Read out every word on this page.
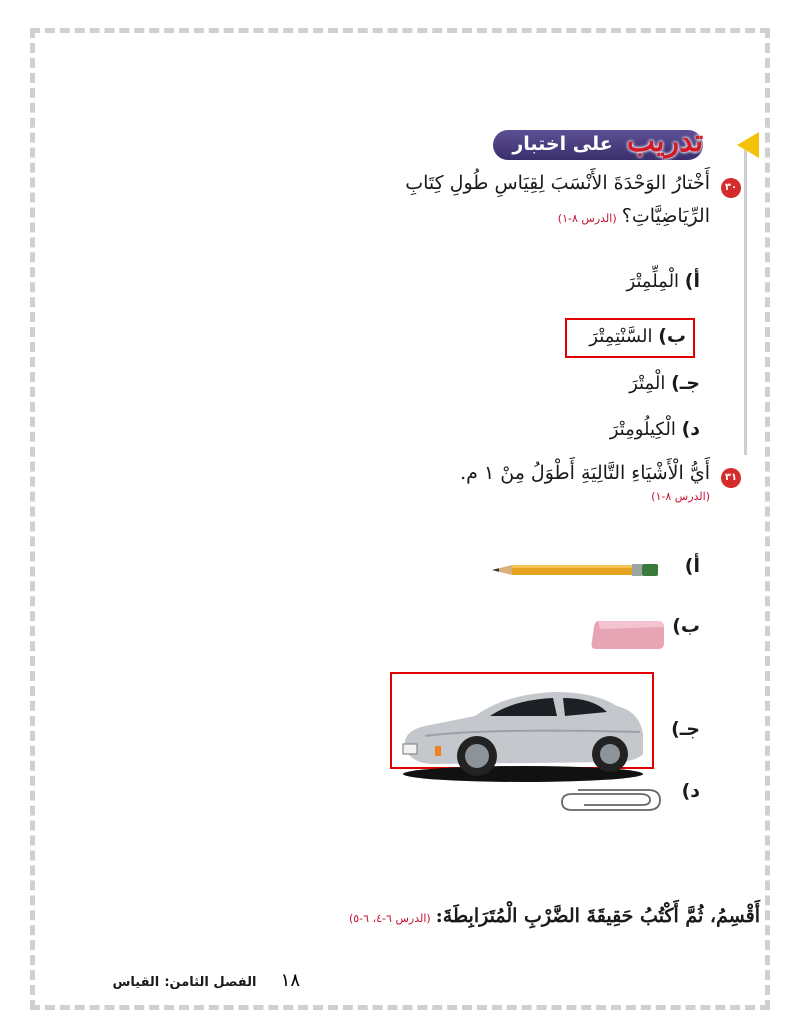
على اختبار تدريب
٣٠
أَخْتارُ الوَحْدَةَ الأَنْسَبَ لِقِيَاسِ طُولِ كِتَابِ
الرِّيَاضِيَّاتِ؟ (الدرس ٨-١)
أ) الْمِلِّمِتْرَ
ب) السَّنْتِمِتْرَ
جـ) الْمِتْرَ
د) الْكِيلُومِتْرَ
٣١
أَيُّ الْأَشْيَاءِ التَّالِيَةِ أَطْوَلُ مِنْ ١ م.
(الدرس ٨-١)
أ)
ب)
جـ)
د)
أَقْسِمُ، ثُمَّ أَكْتُبُ حَقِيقَةَ الضَّرْبِ الْمُتَرَابِطَةَ: (الدرس ٦-٤، ٦-٥)
١٨  الفصل الثامن: القياس
